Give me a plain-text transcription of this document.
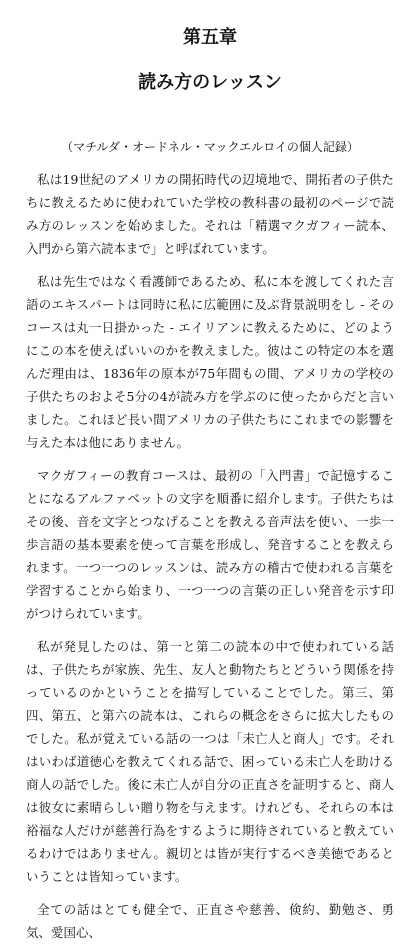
第五章
読み方のレッスン
（マチルダ・オードネル・マックエルロイの個人記録）

私は19世紀のアメリカの開拓時代の辺境地で、開拓者の子供たちに教えるために使われていた学校の教科書の最初のページで読み方のレッスンを始めました。それは「精選マクガフィー読本、入門から第六読本まで」と呼ばれています。

私は先生ではなく看護師であるため、私に本を渡してくれた言語のエキスパートは同時に私に広範囲に及ぶ背景説明をし - そのコースは丸一日掛かった - エイリアンに教えるために、どのようにこの本を使えばいいのかを教えました。彼はこの特定の本を選んだ理由は、1836年の原本が75年間もの間、アメリカの学校の子供たちのおよそ5分の4が読み方を学ぶのに使ったからだと言いました。これほど長い間アメリカの子供たちにこれまでの影響を与えた本は他にありません。

マクガフィーの教育コースは、最初の「入門書」で記憶することになるアルファベットの文字を順番に紹介します。子供たちはその後、音を文字とつなげることを教える音声法を使い、一歩一歩言語の基本要素を使って言葉を形成し、発音することを教えられます。一つ一つのレッスンは、読み方の稽古で使われる言葉を学習することから始まり、一つ一つの言葉の正しい発音を示す印がつけられています。

私が発見したのは、第一と第二の読本の中で使われている話は、子供たちが家族、先生、友人と動物たちとどういう関係を持っているのかということを描写していることでした。第三、第四、第五、と第六の読本は、これらの概念をさらに拡大したものでした。私が覚えている話の一つは「未亡人と商人」です。それはいわば道徳心を教えてくれる話で、困っている未亡人を助ける商人の話でした。後に未亡人が自分の正直さを証明すると、商人は彼女に素晴らしい贈り物を与えます。けれども、それらの本は裕福な人だけが慈善行為をするように期待されていると教えているわけではありません。親切とは皆が実行するべき美徳であるということは皆知っています。

全ての話はとても健全で、正直さや慈善、倹約、勤勉さ、勇気、愛国心、
